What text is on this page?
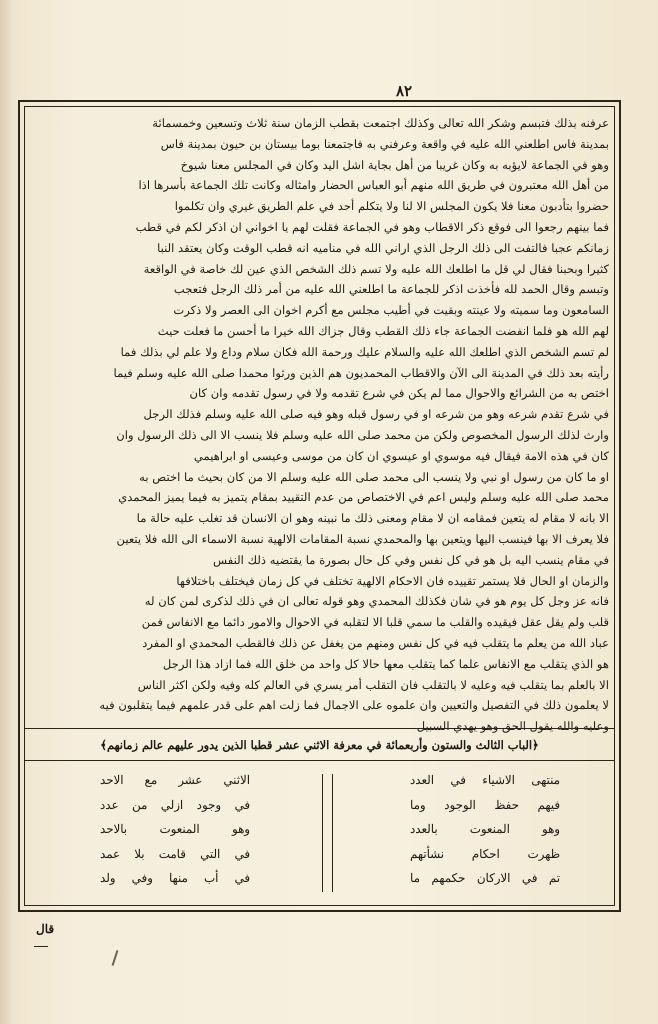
٨٢

عرفنه بذلك فتبسم وشكر الله تعالى وكذلك اجتمعت بقطب الزمان سنة ثلاث وتسعين وخمسمائة

بمدينة فاس اطلعني الله عليه في واقعة وعرفني به فاجتمعنا بوما بيستان بن حيون بمدينة فاس

وهو في الجماعة لايؤبه به وكان غريبا من أهل بجاية اشل اليد وكان في المجلس معنا شيوخ

من أهل الله معتبرون في طريق الله منهم أبو العباس الحضار وامثاله وكانت تلك الجماعة بأسرها اذا

حضروا بتأدبون معنا فلا يكون المجلس الا لنا ولا يتكلم أحد في علم الطريق غيري وان تكلموا

فما بينهم رجعوا الى فوقع ذكر الاقطاب وهو في الجماعة فقلت لهم يا اخواني ان اذكر لكم في قطب

زمانكم عجبا فالتفت الى ذلك الرجل الذي اراني الله في مناميه انه قطب الوقت وكان يعتقد النبا

كثيرا وبحبنا فقال لي قل ما اطلعك الله عليه ولا تسم ذلك الشخص الذي عين لك خاصة في الواقعة

وتبسم وقال الحمد لله فأخذت اذكر للجماعة ما اطلعني الله عليه من أمر ذلك الرجل فتعجب

السامعون وما سميته ولا عينته وبقيت في أطيب مجلس مع أكرم اخوان الى العصر ولا ذكرت

لهم الله هو فلما انفضت الجماعة جاء ذلك القطب وقال جزاك الله خيرا ما أحسن ما فعلت حيث

لم تسم الشخص الذي اطلعك الله عليه والسلام عليك ورحمة الله فكان سلام وداع ولا علم لي بذلك فما

رأيته بعد ذلك في المدينة الى الآن والاقطاب المحمديون هم الذين ورثوا محمدا صلى الله عليه وسلم فيما

اختص به من الشرائع والاحوال مما لم يكن في شرع تقدمه ولا في رسول تقدمه وان كان

في شرع تقدم شرعه وهو من شرعه او في رسول قبله وهو فيه صلى الله عليه وسلم فذلك الرجل

وارث لذلك الرسول المخصوص ولكن من محمد صلى الله عليه وسلم فلا ينسب الا الى ذلك الرسول وان

كان في هذه الامة فيقال فيه موسوي او عيسوي ان كان من موسى وعيسى او ابراهيمي

او ما كان من رسول او نبي ولا ينسب الى محمد صلى الله عليه وسلم الا من كان بحيث ما اختص به

محمد صلى الله عليه وسلم وليس اعم في الاختصاص من عدم التقييد بمقام يتميز به فيما يميز المحمدي

الا بانه لا مقام له يتعين فمقامه ان لا مقام ومعنى ذلك ما نبينه وهو ان الانسان قد تغلب عليه حالة ما

فلا يعرف الا بها فينسب اليها ويتعين بها والمحمدي نسبة المقامات الالهية نسبة الاسماء الى الله فلا يتعين

في مقام ينسب اليه بل هو في كل نفس وفي كل حال بصورة ما يقتضيه ذلك النفس

والزمان او الحال فلا يستمر تقييده فان الاحكام الالهية تختلف في كل زمان فيختلف باختلافها

فانه عز وجل كل يوم هو في شان فكذلك المحمدي وهو قوله تعالى ان في ذلك لذكرى لمن كان له

قلب ولم يقل عقل فيقيده والقلب ما سمي قلبا الا لتقلبه في الاحوال والامور دائما مع الانفاس فمن

عباد الله من يعلم ما يتقلب فيه في كل نفس ومنهم من يغفل عن ذلك فالقطب المحمدي او المفرد

هو الذي يتقلب مع الانفاس علما كما يتقلب معها حالا كل واحد من خلق الله فما ازاد هذا الرجل

الا بالعلم بما يتقلب فيه وعليه لا بالتقلب فان التقلب أمر يسري في العالم كله وفيه ولكن اكثر الناس

لا يعلمون ذلك في التفصيل والتعيين وان علموه على الاجمال فما زلت اهم على قدر علمهم فيما يتقلبون فيه

وعليه والله يقول الحق وهو يهدي السبيل

﴿الباب الثالث والستون وأربعمائة في معرفة الاثني عشر قطبا الذين يدور عليهم عالم زمانهم﴾
منتهى الاشياء في العدد
فيهم حفظ الوجود وما
وهو المنعوت بالعدد
ظهرت احكام نشأتهم
تم في الاركان حكمهم ما
الاثني عشر مع الاحد
في وجود ازلي من عدد
وهو المنعوت بالاحد
في التي قامت بلا عمد
في أب منها وفي ولد
قال
